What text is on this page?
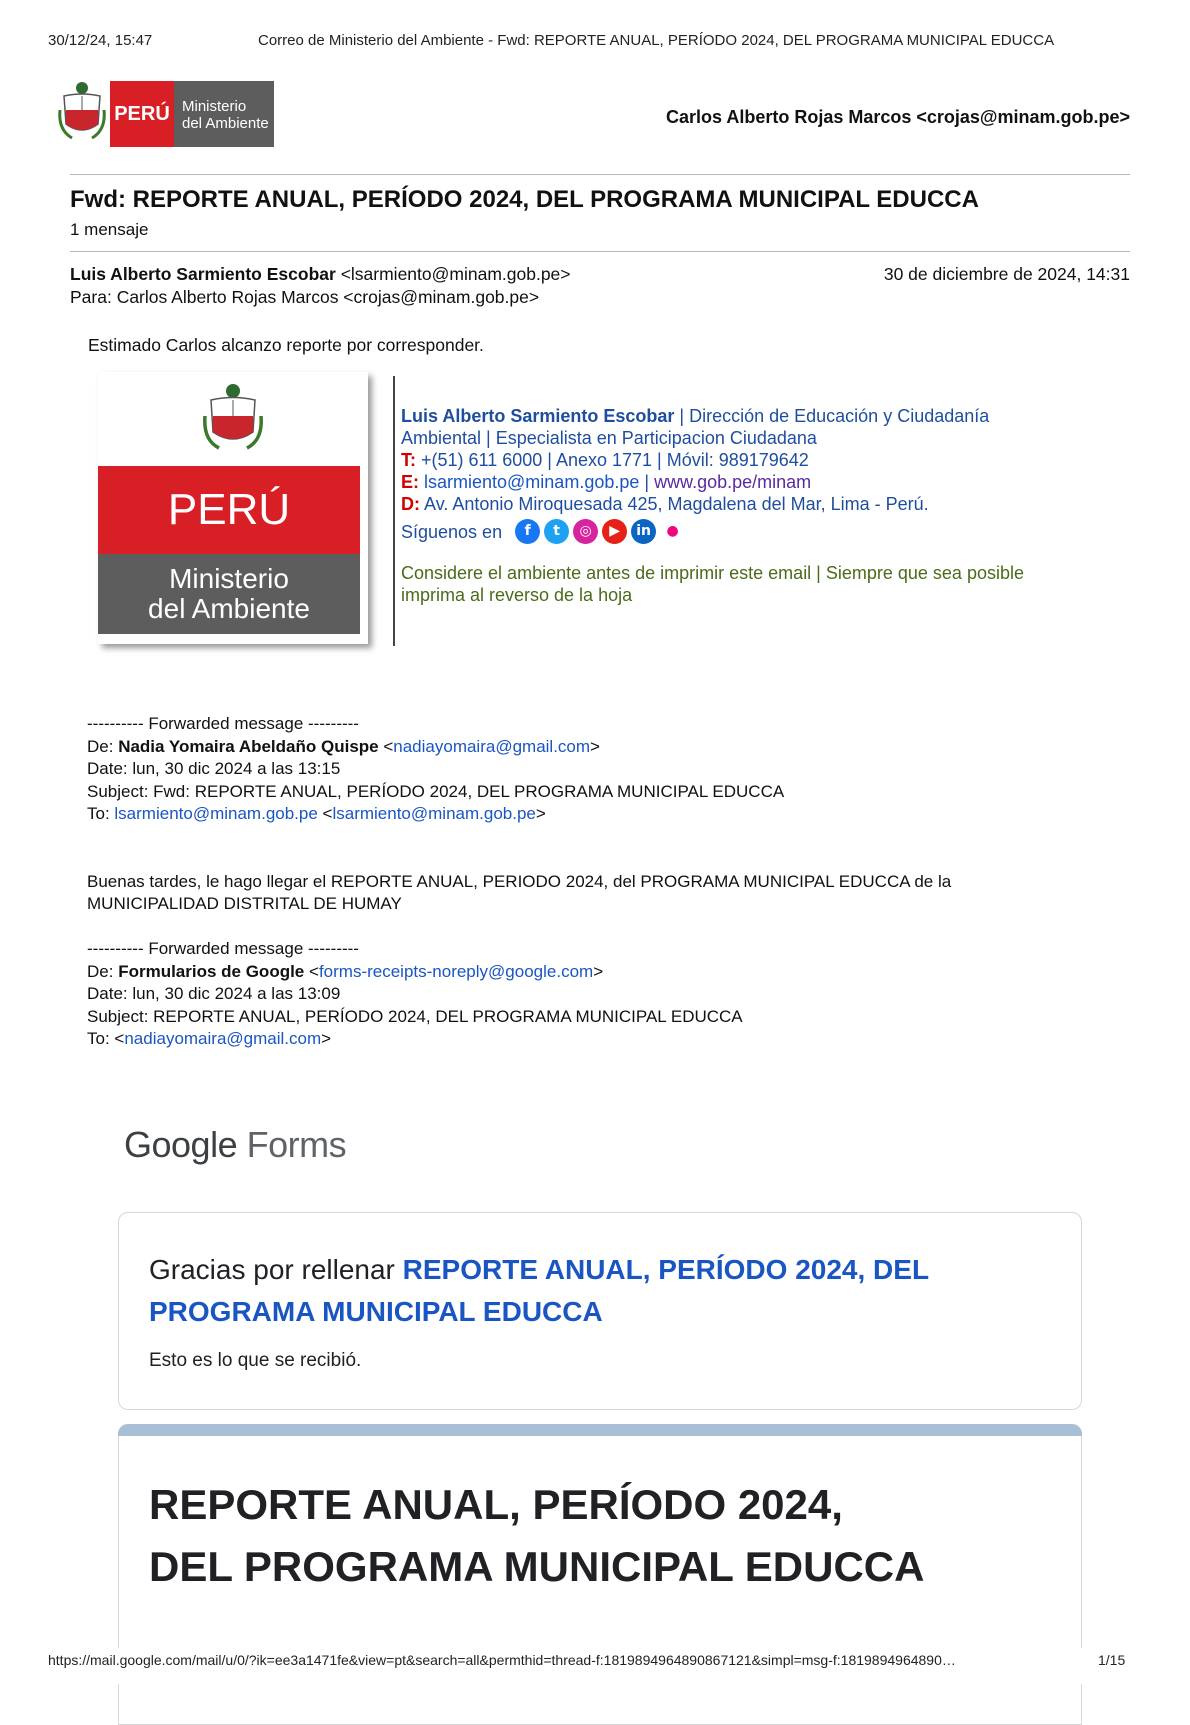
30/12/24, 15:47	Correo de Ministerio del Ambiente - Fwd: REPORTE ANUAL, PERÍODO 2024, DEL PROGRAMA MUNICIPAL EDUCCA
PERÚ Ministerio
del Ambiente	Carlos Alberto Rojas Marcos <crojas@minam.gob.pe>
Fwd: REPORTE ANUAL, PERÍODO 2024, DEL PROGRAMA MUNICIPAL EDUCCA
1 mensaje
Luis Alberto Sarmiento Escobar <lsarmiento@minam.gob.pe>	30 de diciembre de 2024, 14:31
Para: Carlos Alberto Rojas Marcos <crojas@minam.gob.pe>
Estimado Carlos alcanzo reporte por corresponder.
PERÚ
Ministerio
del Ambiente
Luis Alberto Sarmiento Escobar | Dirección de Educación y Ciudadanía
Ambiental | Especialista en Participacion Ciudadana
T: +(51) 611 6000 | Anexo 1771 | Móvil: 989179642
E: lsarmiento@minam.gob.pe | www.gob.pe/minam
D: Av. Antonio Miroquesada 425, Magdalena del Mar, Lima - Perú.
Síguenos en f t ◎ ▶ in ●
Considere el ambiente antes de imprimir este email | Siempre que sea posible
imprima al reverso de la hoja
---------- Forwarded message ---------
De: Nadia Yomaira Abeldaño Quispe <nadiayomaira@gmail.com>
Date: lun, 30 dic 2024 a las 13:15
Subject: Fwd: REPORTE ANUAL, PERÍODO 2024, DEL PROGRAMA MUNICIPAL EDUCCA
To: lsarmiento@minam.gob.pe <lsarmiento@minam.gob.pe>
Buenas tardes, le hago llegar el REPORTE ANUAL, PERIODO 2024, del PROGRAMA MUNICIPAL EDUCCA de la
MUNICIPALIDAD DISTRITAL DE HUMAY
---------- Forwarded message ---------
De: Formularios de Google <forms-receipts-noreply@google.com>
Date: lun, 30 dic 2024 a las 13:09
Subject: REPORTE ANUAL, PERÍODO 2024, DEL PROGRAMA MUNICIPAL EDUCCA
To: <nadiayomaira@gmail.com>
Google Forms
Gracias por rellenar REPORTE ANUAL, PERÍODO 2024, DEL
PROGRAMA MUNICIPAL EDUCCA
Esto es lo que se recibió.
REPORTE ANUAL, PERÍODO 2024,
DEL PROGRAMA MUNICIPAL EDUCCA
https://mail.google.com/mail/u/0/?ik=ee3a1471fe&view=pt&search=all&permthid=thread-f:1819894964890867121&simpl=msg-f:1819894964890…	1/15
